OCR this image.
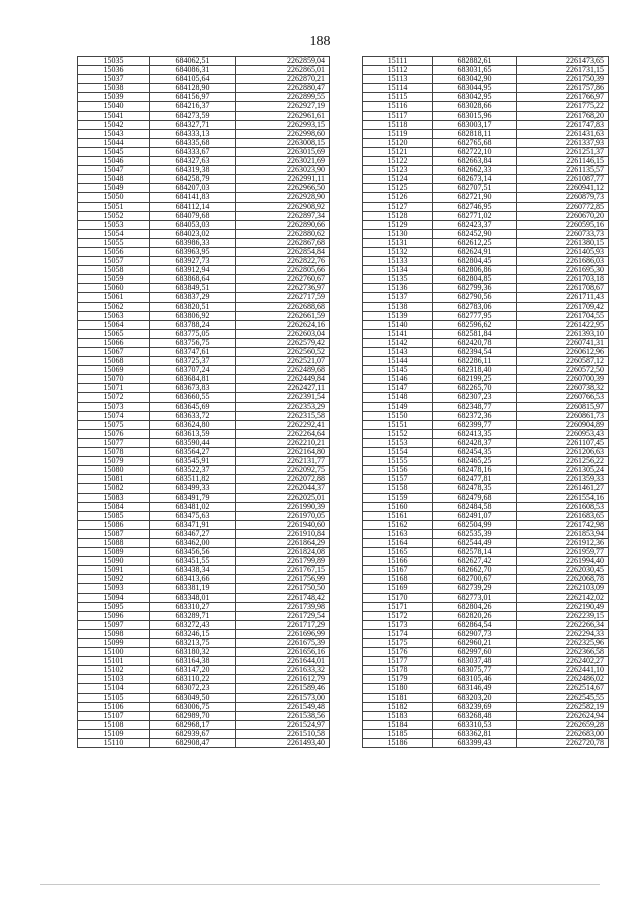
188
15035	684062,51	2262859,04
15036	684086,31	2262865,01
15037	684105,64	2262870,21
15038	684128,90	2262880,47
15039	684156,97	2262899,55
15040	684216,37	2262927,19
15041	684273,59	2262961,61
15042	684327,71	2262993,15
15043	684333,13	2262998,60
15044	684335,68	2263008,15
15045	684333,67	2263015,69
15046	684327,63	2263021,69
15047	684319,38	2263023,90
15048	684258,79	2262991,11
15049	684207,03	2262966,50
15050	684141,83	2262928,90
15051	684112,14	2262908,92
15052	684079,68	2262897,34
15053	684053,03	2262890,66
15054	684023,02	2262880,62
15055	683986,33	2262867,68
15056	683963,95	2262854,84
15057	683927,73	2262822,76
15058	683912,94	2262805,66
15059	683868,64	2262760,67
15060	683849,51	2262736,97
15061	683837,29	2262717,59
15062	683820,51	2262688,68
15063	683806,92	2262661,59
15064	683788,24	2262624,16
15065	683775,05	2262603,04
15066	683756,75	2262579,42
15067	683747,61	2262560,52
15068	683725,37	2262521,07
15069	683707,24	2262489,68
15070	683684,81	2262449,84
15071	683673,83	2262427,11
15072	683660,55	2262391,54
15073	683645,69	2262353,29
15074	683633,72	2262315,58
15075	683624,80	2262292,41
15076	683613,59	2262264,64
15077	683590,44	2262210,21
15078	683564,27	2262164,80
15079	683545,91	2262131,77
15080	683522,37	2262092,75
15081	683511,82	2262072,88
15082	683499,33	2262044,37
15083	683491,79	2262025,01
15084	683481,02	2261990,39
15085	683475,63	2261970,05
15086	683471,91	2261940,60
15087	683467,27	2261910,84
15088	683462,00	2261864,29
15089	683456,56	2261824,08
15090	683451,55	2261799,89
15091	683438,34	2261767,15
15092	683413,66	2261756,99
15093	683381,19	2261750,50
15094	683348,01	2261748,42
15095	683310,27	2261739,98
15096	683289,71	2261729,54
15097	683272,43	2261717,29
15098	683246,15	2261696,99
15099	683213,75	2261675,39
15100	683180,32	2261656,16
15101	683164,38	2261644,01
15102	683147,20	2261633,32
15103	683110,22	2261612,79
15104	683072,23	2261589,46
15105	683049,50	2261573,00
15106	683006,75	2261549,48
15107	682989,70	2261538,56
15108	682968,17	2261524,97
15109	682939,67	2261510,58
15110	682908,47	2261493,40
15111	682882,61	2261473,65
15112	683031,65	2261731,15
15113	683042,90	2261750,39
15114	683044,95	2261757,86
15115	683042,95	2261766,97
15116	683028,66	2261775,22
15117	683015,96	2261768,20
15118	683003,17	2261747,83
15119	682818,11	2261431,63
15120	682765,68	2261337,93
15121	682722,10	2261251,37
15122	682663,84	2261146,15
15123	682662,33	2261135,57
15124	682673,14	2261087,77
15125	682707,51	2260941,12
15126	682721,90	2260879,73
15127	682746,95	2260772,85
15128	682771,02	2260670,20
15129	682423,37	2260595,16
15130	682452,90	2260733,73
15131	682612,25	2261380,15
15132	682624,91	2261405,93
15133	682804,45	2261686,03
15134	682806,86	2261695,30
15135	682804,85	2261703,18
15136	682799,36	2261708,67
15137	682790,56	2261711,43
15138	682783,06	2261709,42
15139	682777,95	2261704,55
15140	682596,62	2261422,95
15141	682581,84	2261393,10
15142	682420,78	2260741,31
15143	682394,54	2260612,96
15144	682286,11	2260587,12
15145	682318,40	2260572,50
15146	682199,25	2260700,39
15147	682265,70	2260738,32
15148	682307,23	2260766,53
15149	682348,77	2260815,97
15150	682372,36	2260861,73
15151	682399,77	2260904,89
15152	682413,35	2260953,43
15153	682428,37	2261107,45
15154	682454,35	2261206,63
15155	682465,25	2261256,22
15156	682478,16	2261305,24
15157	682477,81	2261359,33
15158	682478,35	2261461,27
15159	682479,68	2261554,16
15160	682484,58	2261608,53
15161	682491,07	2261683,65
15162	682504,99	2261742,98
15163	682535,39	2261853,94
15164	682544,49	2261912,36
15165	682578,14	2261959,77
15166	682627,42	2261994,40
15167	682662,70	2262030,45
15168	682700,67	2262068,78
15169	682739,29	2262103,09
15170	682773,01	2262142,02
15171	682804,26	2262190,49
15172	682820,26	2262239,15
15173	682864,54	2262266,34
15174	682907,73	2262294,33
15175	682960,21	2262325,96
15176	682997,60	2262366,58
15177	683037,48	2262402,27
15178	683075,77	2262441,10
15179	683105,46	2262486,02
15180	683146,49	2262514,67
15181	683203,20	2262545,55
15182	683239,69	2262582,19
15183	683268,48	2262624,94
15184	683310,53	2262659,28
15185	683362,81	2262683,00
15186	683399,43	2262720,78
